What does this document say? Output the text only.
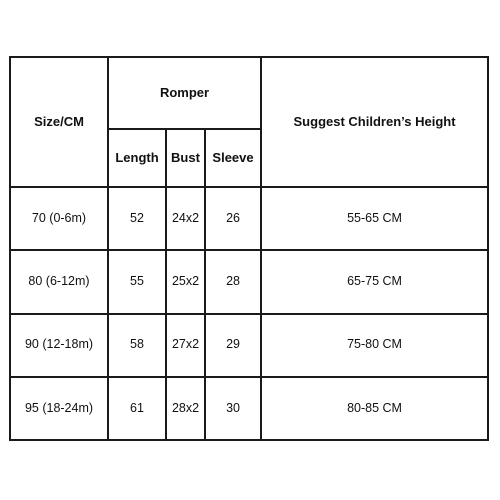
Size/CM	Romper			Suggest Children’s Height
	Length	Bust	Sleeve	
70 (0-6m)	52	24x2	26	55-65 CM
80 (6-12m)	55	25x2	28	65-75 CM
90 (12-18m)	58	27x2	29	75-80 CM
95 (18-24m)	61	28x2	30	80-85 CM
